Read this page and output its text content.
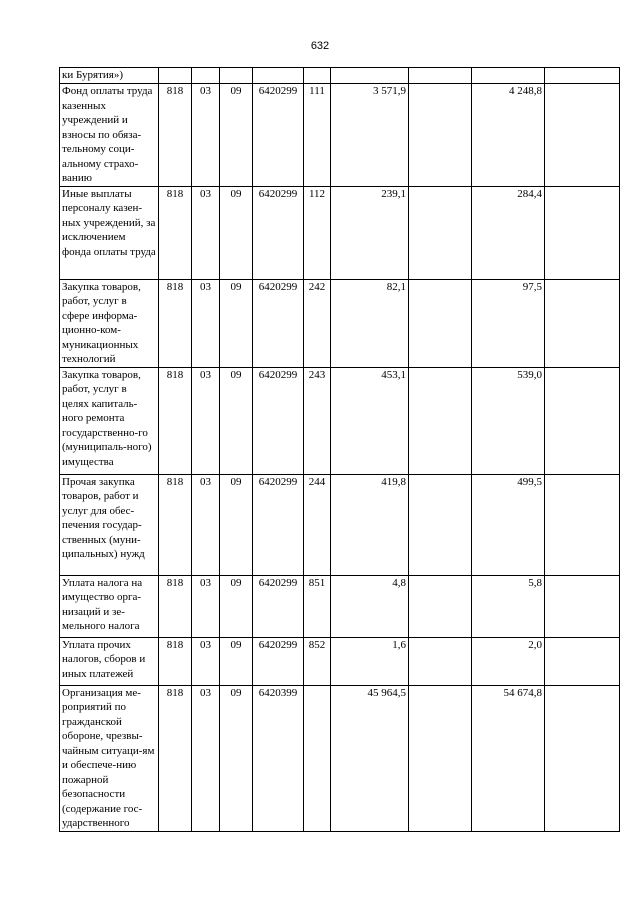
632
ки Бурятия»)									
Фонд оплаты труда казенных учреждений и взносы по обяза-тельному соци-альному страхо-ванию	818	03	09	6420299	111	3 571,9		4 248,8	
Иные выплаты персоналу казен-ных учреждений, за исключением фонда оплаты труда	818	03	09	6420299	112	239,1		284,4	
Закупка товаров, работ, услуг в сфере информа-ционно-ком-муникационных технологий	818	03	09	6420299	242	82,1		97,5	
Закупка товаров, работ, услуг в целях капиталь-ного ремонта государственно-го (муниципаль-ного) имущества	818	03	09	6420299	243	453,1		539,0	
Прочая закупка товаров, работ и услуг для обес-печения государ-ственных (муни-ципальных) нужд	818	03	09	6420299	244	419,8		499,5	
Уплата налога на имущество орга-низаций и зе-мельного налога	818	03	09	6420299	851	4,8		5,8	
Уплата прочих налогов, сборов и иных платежей	818	03	09	6420299	852	1,6		2,0	
Организация ме-роприятий по гражданской обороне, чрезвы-чайным ситуаци-ям и обеспече-нию пожарной безопасности (содержание гос-ударственного	818	03	09	6420399		45 964,5		54 674,8	
